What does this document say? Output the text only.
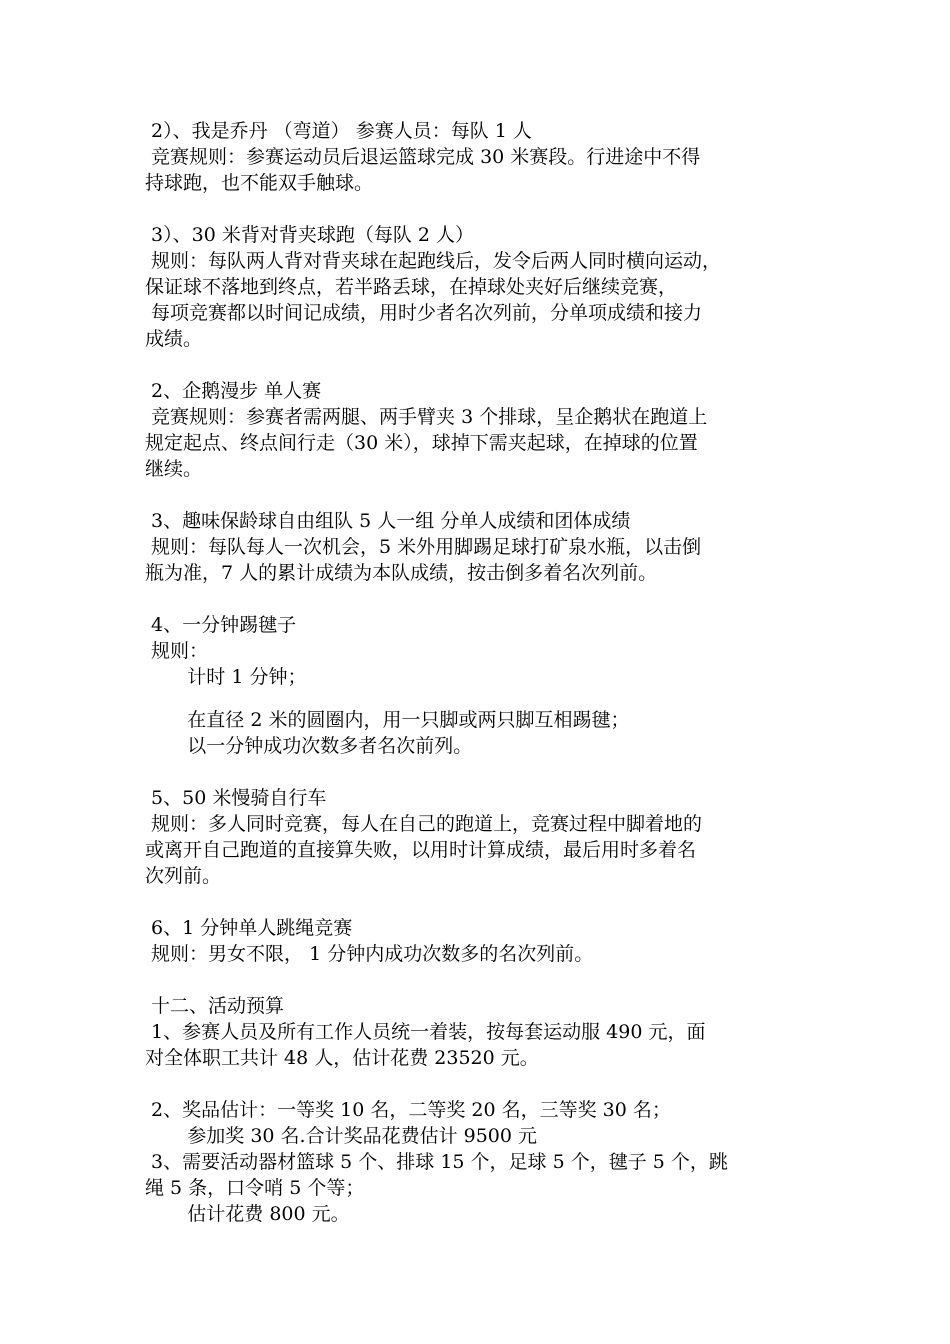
2）、我是乔丹 （弯道） 参赛人员：每队 1 人
竞赛规则：参赛运动员后退运篮球完成 30 米赛段。行进途中不得
持球跑，也不能双手触球。
3）、30 米背对背夹球跑（每队 2 人）
规则：每队两人背对背夹球在起跑线后，发令后两人同时横向运动，
保证球不落地到终点，若半路丢球，在掉球处夹好后继续竞赛，
每项竞赛都以时间记成绩，用时少者名次列前，分单项成绩和接力
成绩。
2、企鹅漫步 单人赛
竞赛规则：参赛者需两腿、两手臂夹 3 个排球，呈企鹅状在跑道上
规定起点、终点间行走（30 米），球掉下需夹起球，在掉球的位置
继续。
3、趣味保龄球自由组队 5 人一组 分单人成绩和团体成绩
规则：每队每人一次机会，5 米外用脚踢足球打矿泉水瓶，以击倒
瓶为准，7 人的累计成绩为本队成绩，按击倒多着名次列前。
4、一分钟踢毽子
规则：
计时 1 分钟；
在直径 2 米的圆圈内，用一只脚或两只脚互相踢毽；
以一分钟成功次数多者名次前列。
5、50 米慢骑自行车
规则：多人同时竞赛，每人在自己的跑道上，竞赛过程中脚着地的
或离开自己跑道的直接算失败，以用时计算成绩，最后用时多着名
次列前。
6、1 分钟单人跳绳竞赛
规则：男女不限， 1 分钟内成功次数多的名次列前。
十二、活动预算
1、参赛人员及所有工作人员统一着装，按每套运动服 490 元，面
对全体职工共计 48 人，估计花费 23520 元。
2、奖品估计：一等奖 10 名，二等奖 20 名，三等奖 30 名；
参加奖 30 名.合计奖品花费估计 9500 元
3、需要活动器材篮球 5 个、排球 15 个，足球 5 个，毽子 5 个，跳
绳 5 条，口令哨 5 个等；
估计花费 800 元。
